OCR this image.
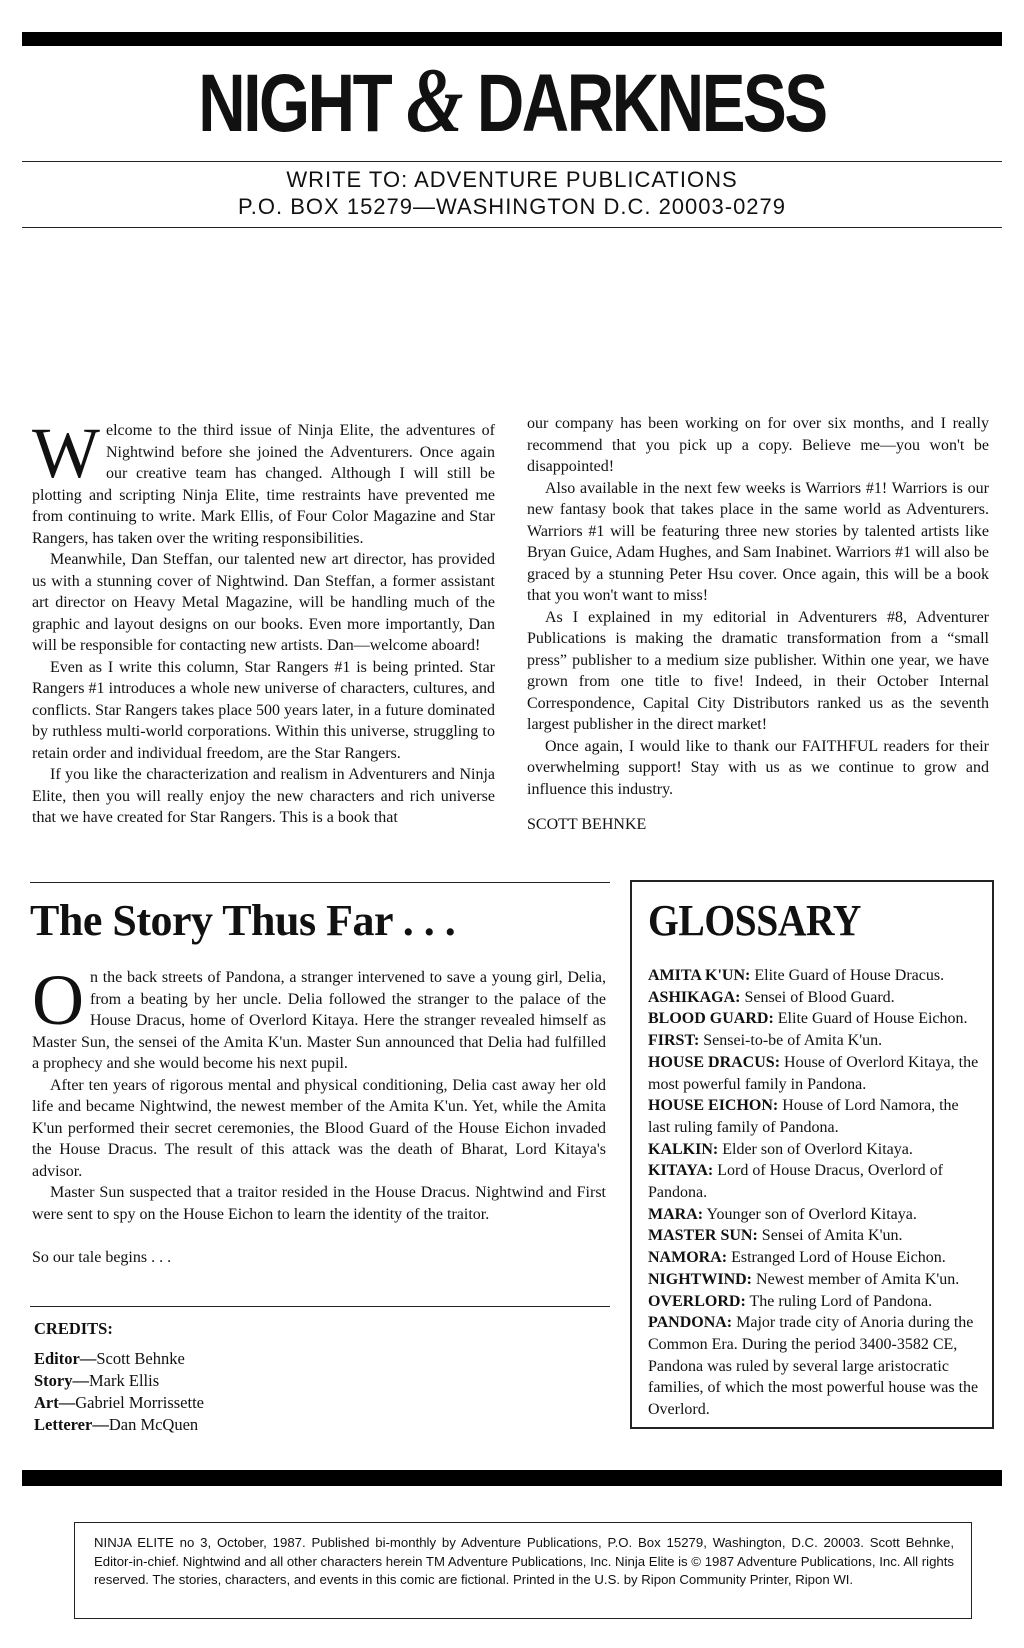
NIGHT & DARKNESS
WRITE TO: ADVENTURE PUBLICATIONS
P.O. BOX 15279—WASHINGTON D.C. 20003-0279

Welcome to the third issue of Ninja Elite, the adventures of Nightwind before she joined the Adventurers. Once again our creative team has changed. Although I will still be plotting and scripting Ninja Elite, time restraints have prevented me from continuing to write. Mark Ellis, of Four Color Magazine and Star Rangers, has taken over the writing responsibilities.

Meanwhile, Dan Steffan, our talented new art director, has provided us with a stunning cover of Nightwind. Dan Steffan, a former assistant art director on Heavy Metal Magazine, will be handling much of the graphic and layout designs on our books. Even more importantly, Dan will be responsible for contacting new artists. Dan—welcome aboard!

Even as I write this column, Star Rangers #1 is being printed. Star Rangers #1 introduces a whole new universe of characters, cultures, and conflicts. Star Rangers takes place 500 years later, in a future dominated by ruthless multi-world corporations. Within this universe, struggling to retain order and individual freedom, are the Star Rangers.

If you like the characterization and realism in Adventurers and Ninja Elite, then you will really enjoy the new characters and rich universe that we have created for Star Rangers. This is a book that

our company has been working on for over six months, and I really recommend that you pick up a copy. Believe me—you won't be disappointed!

Also available in the next few weeks is Warriors #1! Warriors is our new fantasy book that takes place in the same world as Adventurers. Warriors #1 will be featuring three new stories by talented artists like Bryan Guice, Adam Hughes, and Sam Inabinet. Warriors #1 will also be graced by a stunning Peter Hsu cover. Once again, this will be a book that you won't want to miss!

As I explained in my editorial in Adventurers #8, Adventurer Publications is making the dramatic transformation from a “small press” publisher to a medium size publisher. Within one year, we have grown from one title to five! Indeed, in their October Internal Correspondence, Capital City Distributors ranked us as the seventh largest publisher in the direct market!

Once again, I would like to thank our FAITHFUL readers for their overwhelming support! Stay with us as we continue to grow and influence this industry.

SCOTT BEHNKE

The Story Thus Far . . .

On the back streets of Pandona, a stranger intervened to save a young girl, Delia, from a beating by her uncle. Delia followed the stranger to the palace of the House Dracus, home of Overlord Kitaya. Here the stranger revealed himself as Master Sun, the sensei of the Amita K'un. Master Sun announced that Delia had fulfilled a prophecy and she would become his next pupil.

After ten years of rigorous mental and physical conditioning, Delia cast away her old life and became Nightwind, the newest member of the Amita K'un. Yet, while the Amita K'un performed their secret ceremonies, the Blood Guard of the House Eichon invaded the House Dracus. The result of this attack was the death of Bharat, Lord Kitaya's advisor.

Master Sun suspected that a traitor resided in the House Dracus. Nightwind and First were sent to spy on the House Eichon to learn the identity of the traitor.

So our tale begins . . .

CREDITS:
Editor—Scott Behnke
Story—Mark Ellis
Art—Gabriel Morrissette
Letterer—Dan McQuen
GLOSSARY

AMITA K'UN: Elite Guard of House Dracus.

ASHIKAGA: Sensei of Blood Guard.

BLOOD GUARD: Elite Guard of House Eichon.

FIRST: Sensei-to-be of Amita K'un.

HOUSE DRACUS: House of Overlord Kitaya, the most powerful family in Pandona.

HOUSE EICHON: House of Lord Namora, the last ruling family of Pandona.

KALKIN: Elder son of Overlord Kitaya.

KITAYA: Lord of House Dracus, Overlord of Pandona.

MARA: Younger son of Overlord Kitaya.

MASTER SUN: Sensei of Amita K'un.

NAMORA: Estranged Lord of House Eichon.

NIGHTWIND: Newest member of Amita K'un.

OVERLORD: The ruling Lord of Pandona.

PANDONA: Major trade city of Anoria during the Common Era. During the period 3400-3582 CE, Pandona was ruled by several large aristocratic families, of which the most powerful house was the Overlord.

NINJA ELITE no 3, October, 1987. Published bi-monthly by Adventure Publications, P.O. Box 15279, Washington, D.C. 20003. Scott Behnke, Editor-in-chief. Nightwind and all other characters herein TM Adventure Publications, Inc. Ninja Elite is © 1987 Adventure Publications, Inc. All rights reserved. The stories, characters, and events in this comic are fictional. Printed in the U.S. by Ripon Community Printer, Ripon WI.
